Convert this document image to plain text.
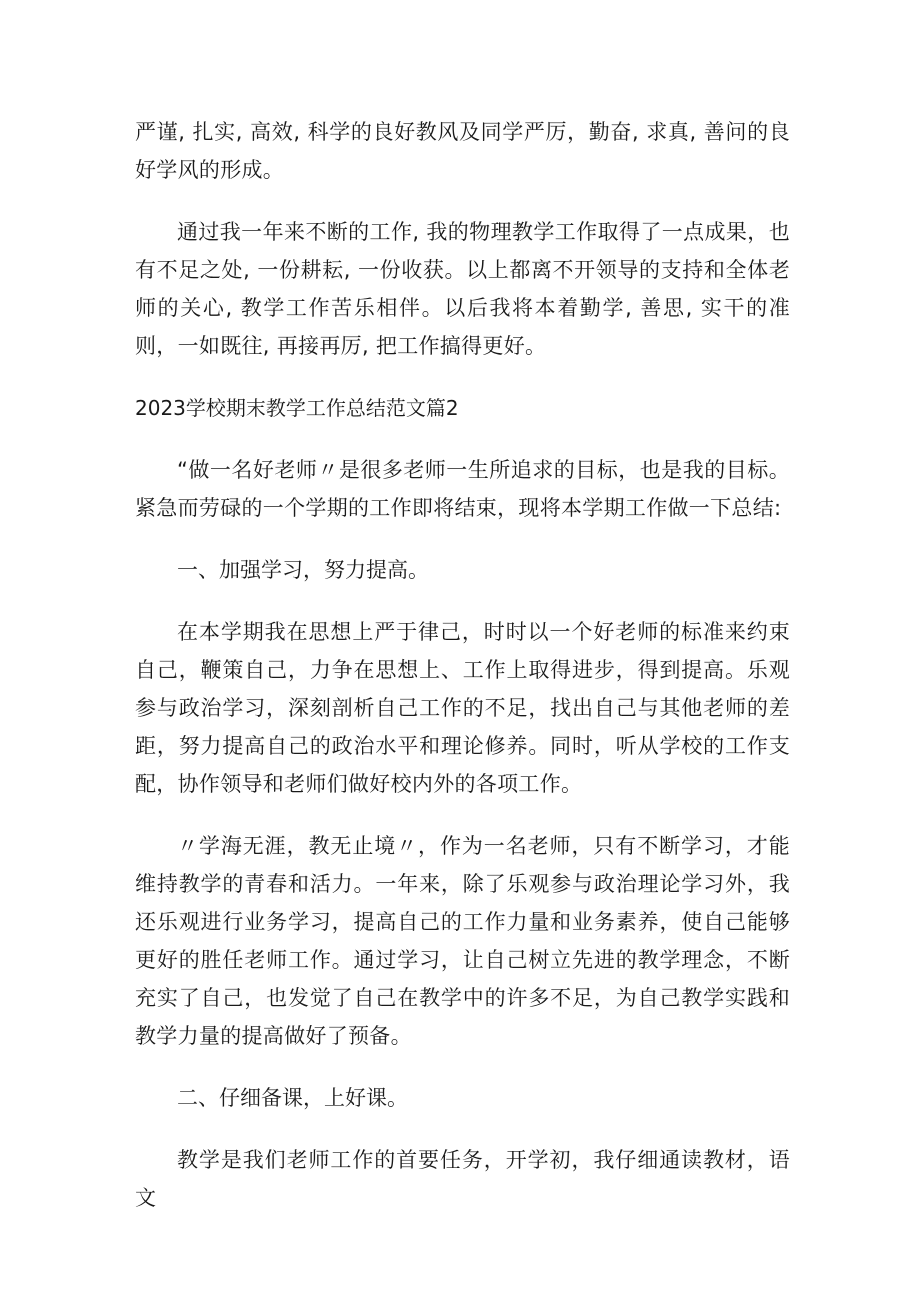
严谨, 扎实, 高效, 科学的良好教风及同学严厉，勤奋, 求真, 善问的良好学风的形成。

通过我一年来不断的工作, 我的物理教学工作取得了一点成果，也有不足之处, 一份耕耘, 一份收获。以上都离不开领导的支持和全体老师的关心, 教学工作苦乐相伴。以后我将本着勤学, 善思, 实干的准则，一如既往, 再接再厉, 把工作搞得更好。

2023学校期末教学工作总结范文篇2

“做一名好老师〃是很多老师一生所追求的目标，也是我的目标。紧急而劳碌的一个学期的工作即将结束，现将本学期工作做一下总结:

一、加强学习，努力提高。

在本学期我在思想上严于律己，时时以一个好老师的标准来约束自己，鞭策自己，力争在思想上、工作上取得进步，得到提高。乐观参与政治学习，深刻剖析自己工作的不足，找出自己与其他老师的差距，努力提高自己的政治水平和理论修养。同时，听从学校的工作支配，协作领导和老师们做好校内外的各项工作。

〃学海无涯，教无止境〃，作为一名老师，只有不断学习，才能维持教学的青春和活力。一年来，除了乐观参与政治理论学习外，我还乐观进行业务学习，提高自己的工作力量和业务素养，使自己能够更好的胜任老师工作。通过学习，让自己树立先进的教学理念，不断充实了自己，也发觉了自己在教学中的许多不足，为自己教学实践和教学力量的提高做好了预备。

二、仔细备课，上好课。

教学是我们老师工作的首要任务，开学初，我仔细通读教材，语文
